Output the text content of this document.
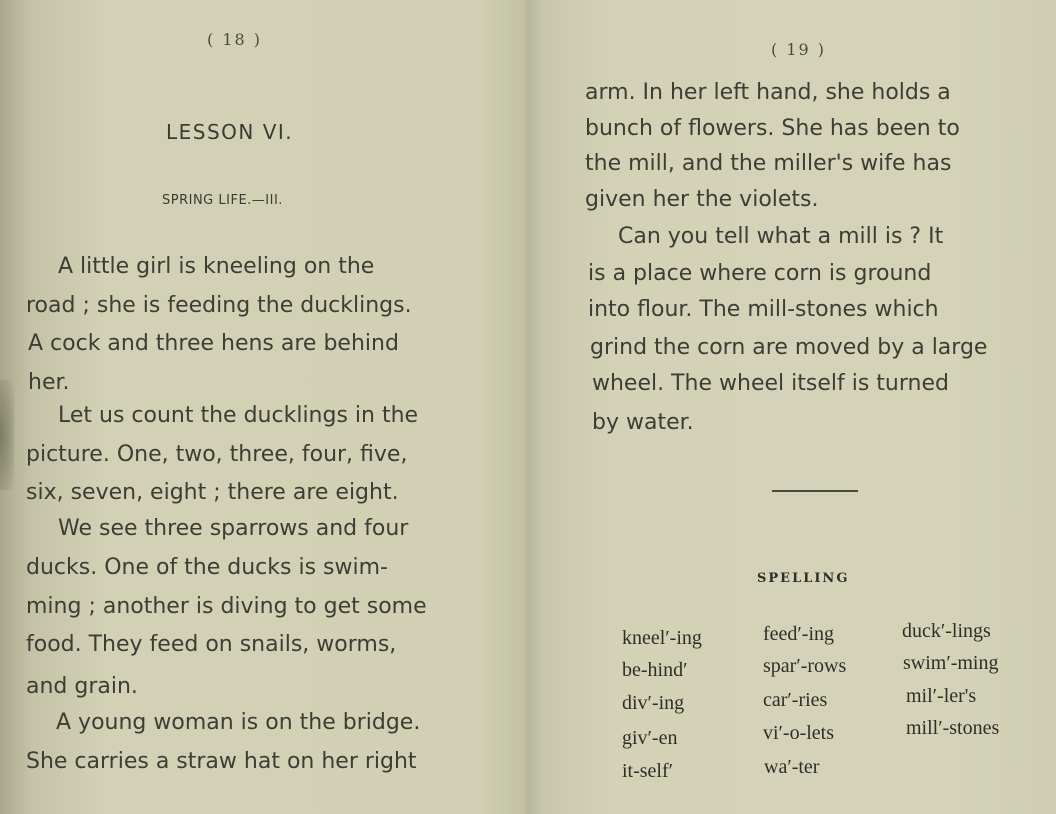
( 18 )
LESSON VI.
SPRING LIFE.—III.
A little girl is kneeling on the
road ; she is feeding the ducklings.
A cock and three hens are behind
her.
Let us count the ducklings in the
picture. One, two, three, four, five,
six, seven, eight ; there are eight.
We see three sparrows and four
ducks. One of the ducks is swim-
ming ; another is diving to get some
food. They feed on snails, worms,
and grain.
A young woman is on the bridge.
She carries a straw hat on her right
( 19 )
arm. In her left hand, she holds a
bunch of flowers. She has been to
the mill, and the miller's wife has
given her the violets.
Can you tell what a mill is ? It
is a place where corn is ground
into flour. The mill-stones which
grind the corn are moved by a large
wheel. The wheel itself is turned
by water.
SPELLING
kneel′-ing	feed′-ing	duck′-lings
be-hind′	spar′-rows	swim′-ming
div′-ing	car′-ries	mil′-ler's
giv′-en	vi′-o-lets	mill′-stones
it-self′	wa′-ter
